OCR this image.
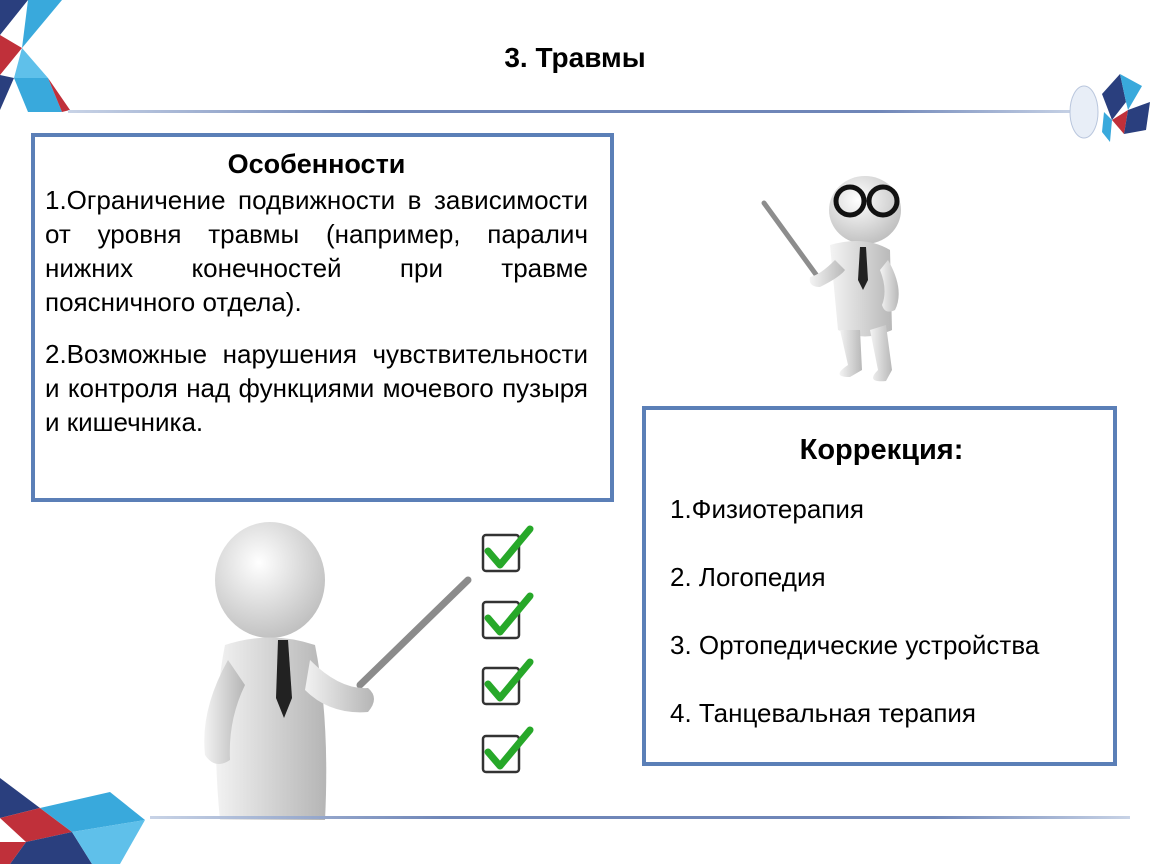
3. Травмы
Особенности

1.Ограничение подвижности в зависимости от уровня травмы (например, паралич нижних конечностей при травме поясничного отдела).

2.Возможные нарушения чувствительности и контроля над функциями мочевого пузыря и кишечника.

Коррекция:
1.Физиотерапия
2. Логопедия
3. Ортопедические устройства
4. Танцевальная терапия
